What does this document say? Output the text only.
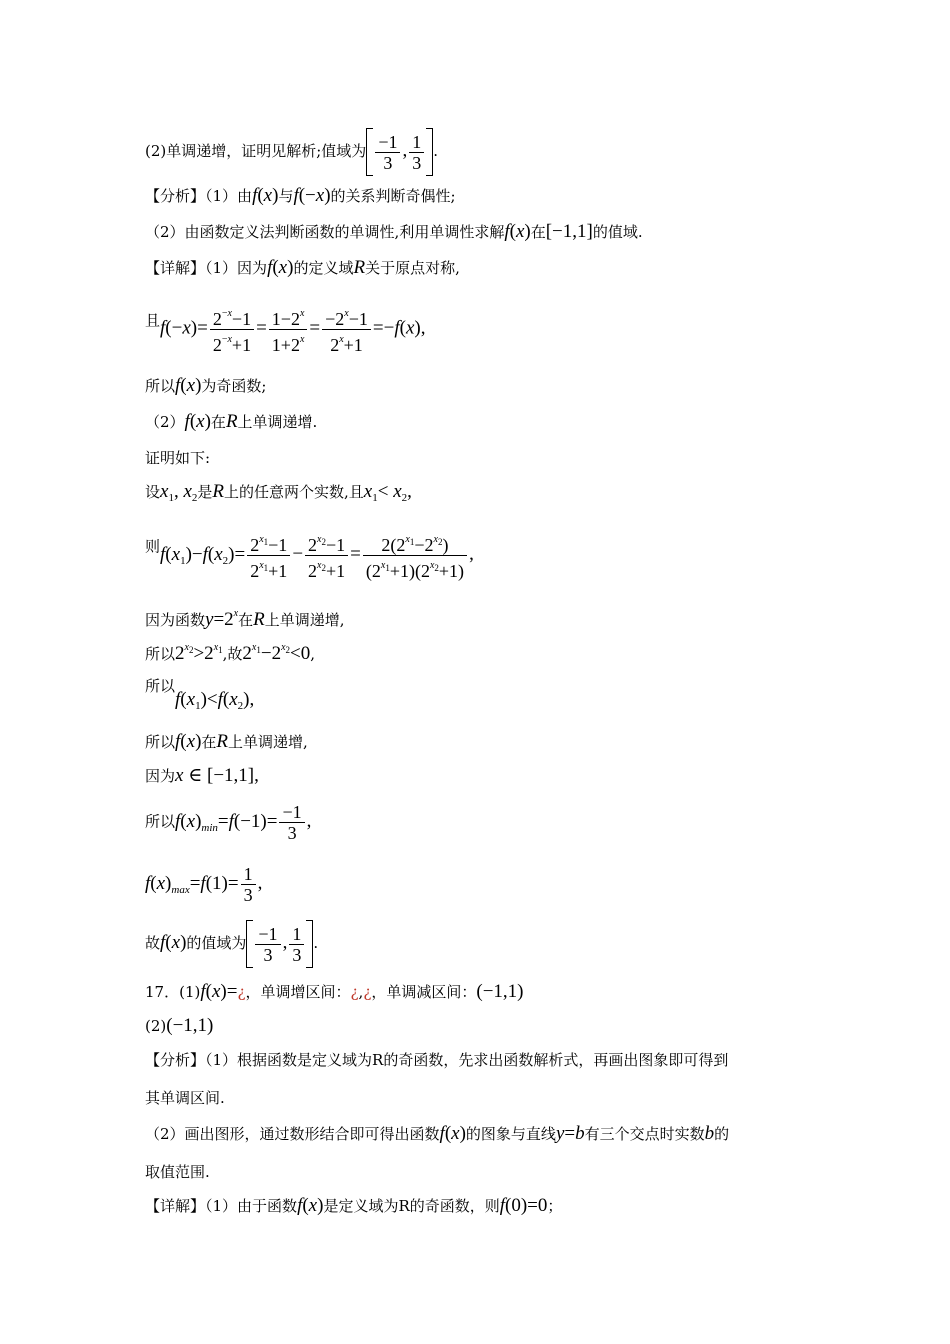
(2)单调递增，证明见解析;值域为 $\frac{-1}{3}$ , $\frac{1}{3}$ .
【分析】（1）由f(x)与f(−x)的关系判断奇偶性;
（2）由函数定义法判断函数的单调性,利用单调性求解f(x)在[−1,1]的值域.
【详解】（1）因为f(x)的定义域R关于原点对称,
且$f(-x)= \frac{2^{-x}-1}{2^{-x}+1} = \frac{1-2^x}{1+2^x} = \frac{-2^x-1}{2^x+1} =-f(x)$,
所以f(x)为奇函数;
（2）f(x)在R上单调递增.
证明如下:
设$x_1$, $x_2$是R上的任意两个实数,且$x_1< x_2$,
则$f(x_1)-f(x_2)= \frac{2^{x1}-1}{2^{x1}+1} - \frac{2^{x2}-1}{2^{x2}+1} = \frac{2(2^{x1}-2^{x2})}{(2^{x1}+1)(2^{x2}+1)}$ ,
因为函数$y=2^x$在R上单调递增,
所以$2^{x2}>2^{x1}$,故$2^{x1}-2^{x2}<0$,
所以$f(x_1)<f(x_2)$,
所以f(x)在R上单调递增,
因为x ∈ [−1,1],
所以$f(x)_{min}=f(-1)= \frac{-1}{3}$ ,
$f(x)_{max}=f(1)= \frac{1}{3}$ ,
故f(x)的值域为 $\frac{-1}{3}$ , $\frac{1}{3}$ .
17．(1)f(x)=¿，单调增区间：¿,¿，单调减区间：(−1,1)
(2)(−1,1)
【分析】（1）根据函数是定义域为R的奇函数，先求出函数解析式，再画出图象即可得到
其单调区间.
（2）画出图形，通过数形结合即可得出函数f(x)的图象与直线y=b有三个交点时实数b的
取值范围.
【详解】（1）由于函数f(x)是定义域为R的奇函数，则f(0)=0；
